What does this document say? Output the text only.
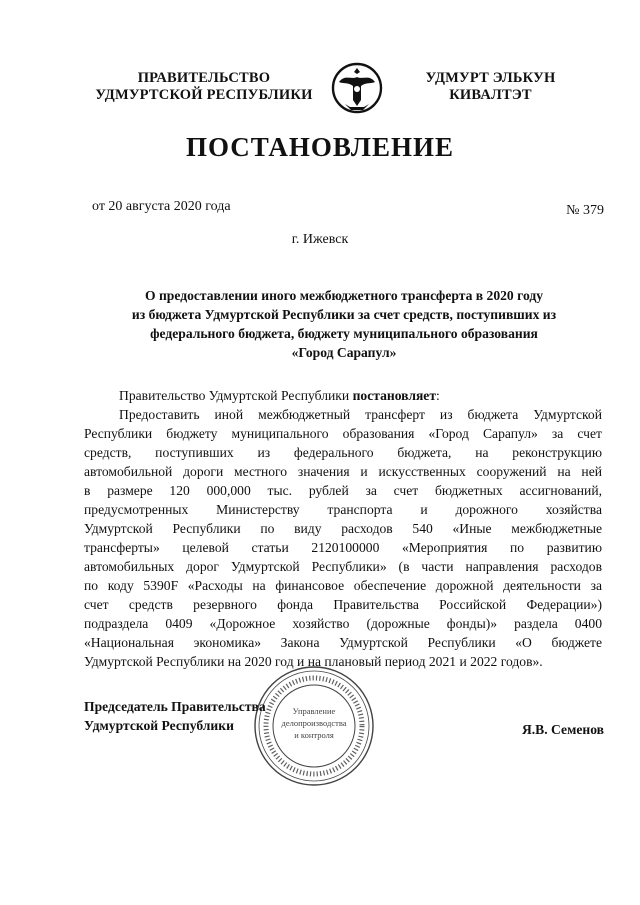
ПРАВИТЕЛЬСТВО
УДМУРТСКОЙ РЕСПУБЛИКИ
УДМУРТ ЭЛЬКУН
КИВАЛТЭТ
ПОСТАНОВЛЕНИЕ
от 20 августа 2020 года	№ 379
г. Ижевск
О предоставлении иного межбюджетного трансферта в 2020 году
из бюджета Удмуртской Республики за счет средств, поступивших из
федерального бюджета, бюджету муниципального образования
«Город Сарапул»

Правительство Удмуртской Республики постановляет:

Предоставить иной межбюджетный трансферт из бюджета Удмуртской
Республики бюджету муниципального образования «Город Сарапул» за счет
средств, поступивших из федерального бюджета, на реконструкцию
автомобильной дороги местного значения и искусственных сооружений на ней
в размере 120 000,000 тыс. рублей за счет бюджетных ассигнований,
предусмотренных Министерству транспорта и дорожного хозяйства
Удмуртской Республики по виду расходов 540 «Иные межбюджетные
трансферты» целевой статьи 2120100000 «Мероприятия по развитию
автомобильных дорог Удмуртской Республики» (в части направления расходов
по коду 5390F «Расходы на финансовое обеспечение дорожной деятельности за
счет средств резервного фонда Правительства Российской Федерации»)
подраздела 0409 «Дорожное хозяйство (дорожные фонды)» раздела 0400
«Национальная экономика» Закона Удмуртской Республики «О бюджете
Удмуртской Республики на 2020 год и на плановый период 2021 и 2022 годов».
Управление
делопроизводства
и контроля
Председатель Правительства
Удмуртской Республики	Я.В. Семенов
